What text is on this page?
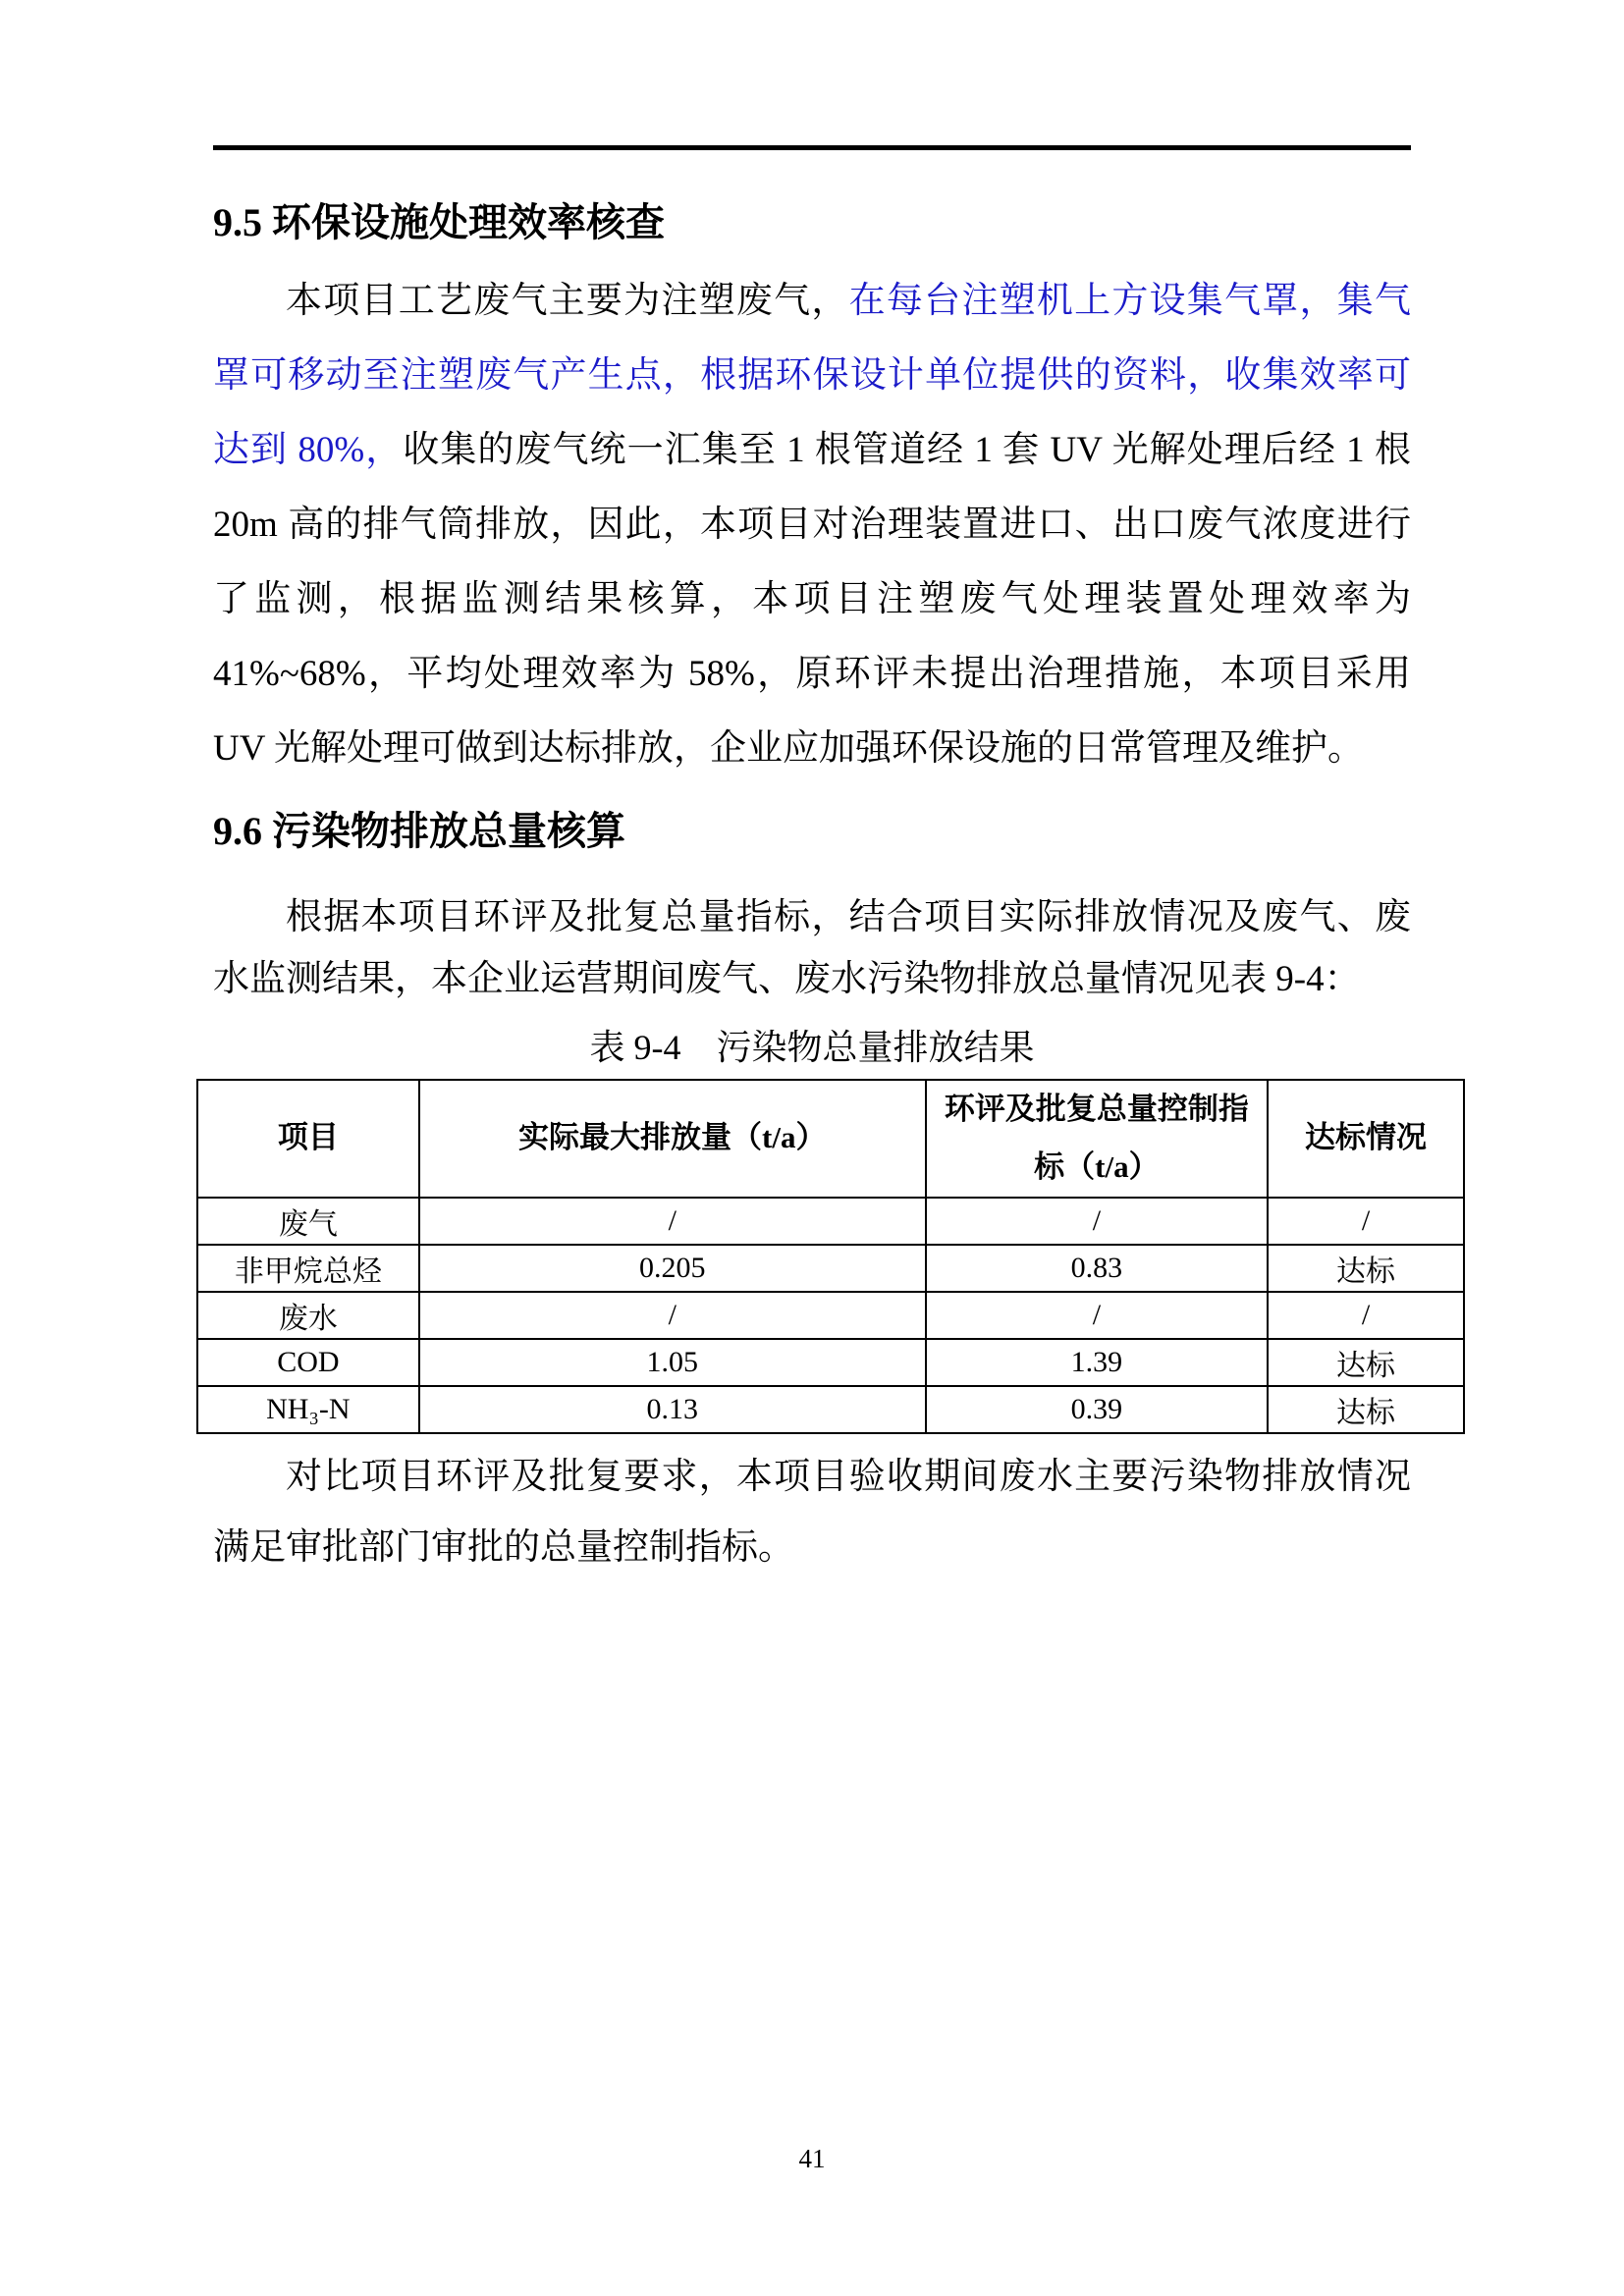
9.5 环保设施处理效率核查

本项目工艺废气主要为注塑废气，在每台注塑机上方设集气罩，集气罩可移动至注塑废气产生点，根据环保设计单位提供的资料，收集效率可达到 80%，收集的废气统一汇集至 1 根管道经 1 套 UV 光解处理后经 1 根 20m 高的排气筒排放，因此，本项目对治理装置进口、出口废气浓度进行了监测，根据监测结果核算，本项目注塑废气处理装置处理效率为 41%~68%，平均处理效率为 58%，原环评未提出治理措施，本项目采用 UV 光解处理可做到达标排放，企业应加强环保设施的日常管理及维护。

9.6 污染物排放总量核算

根据本项目环评及批复总量指标，结合项目实际排放情况及废气、废水监测结果，本企业运营期间废气、废水污染物排放总量情况见表 9-4：

表 9-4　污染物总量排放结果
项目	实际最大排放量（t/a）	环评及批复总量控制指标（t/a）	达标情况
废气	/	/	/
非甲烷总烃	0.205	0.83	达标
废水	/	/	/
COD	1.05	1.39	达标
NH₃-N	0.13	0.39	达标

对比项目环评及批复要求，本项目验收期间废水主要污染物排放情况满足审批部门审批的总量控制指标。

41
